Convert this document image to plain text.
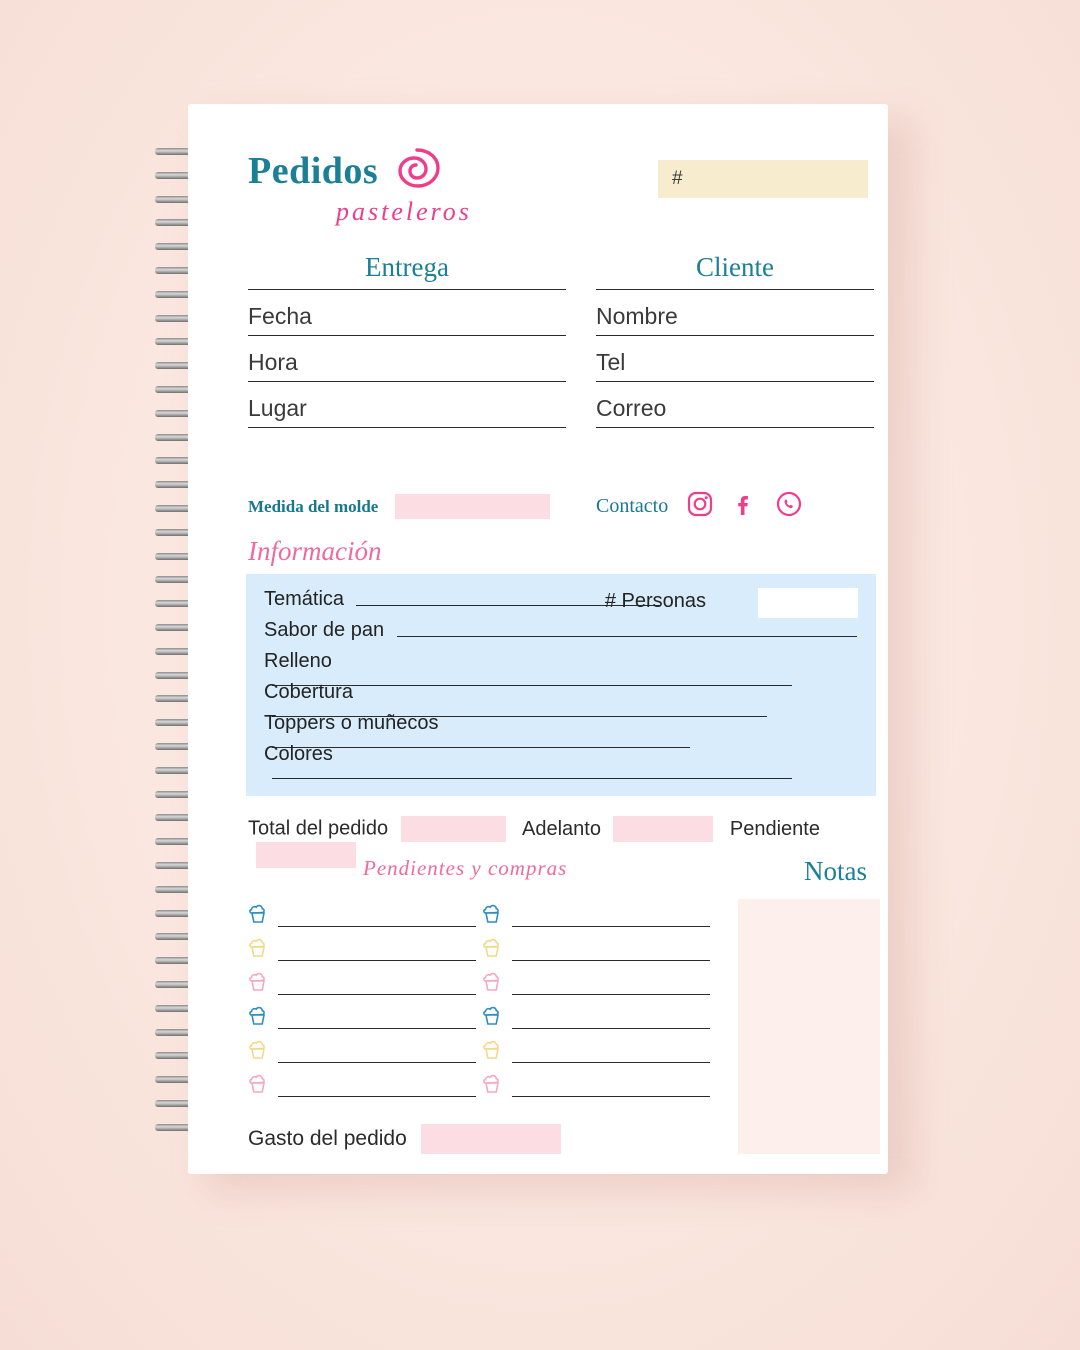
Pedidos
pasteleros
#
Entrega
Fecha
Hora
Lugar
Medida del molde
Cliente
Nombre
Tel
Correo
Contacto
Información
Temática	# Personas
Sabor de pan
Relleno
Cobertura
Toppers o muñecos
Colores
Total del pedido	Adelanto	Pendiente
Pendientes y compras	Notas
Gasto del pedido
